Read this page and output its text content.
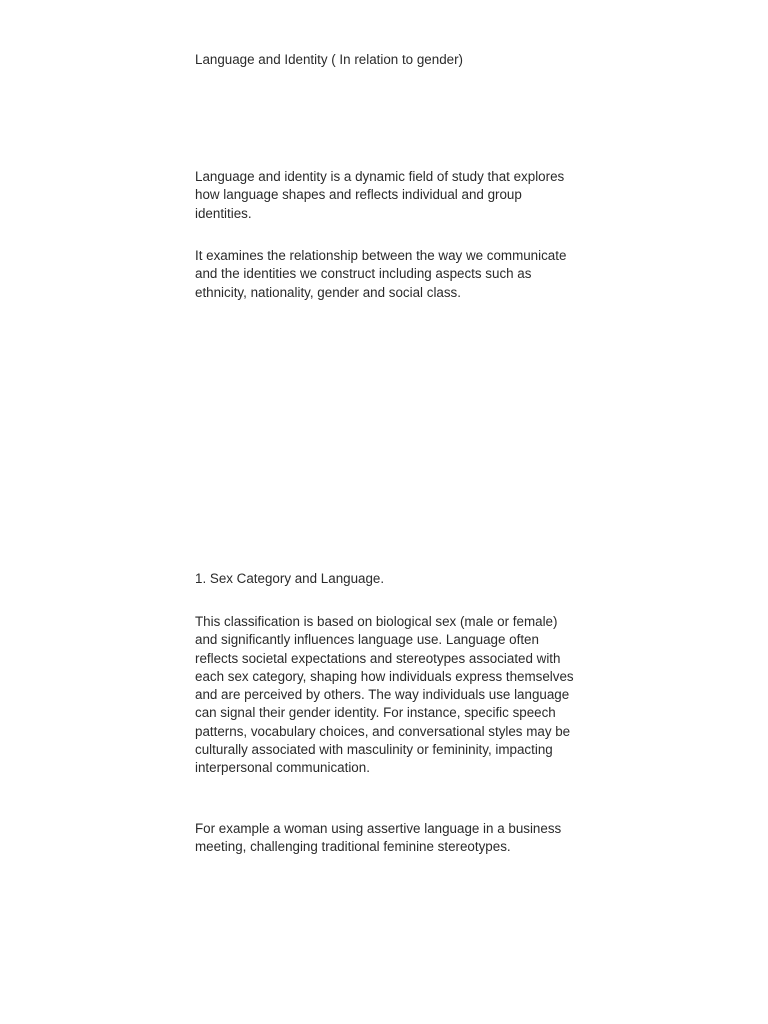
Language and Identity ( In relation to gender)

Language and identity is a dynamic field of study that explores how language shapes and reflects individual and group identities.

It examines the relationship between the way we communicate and the identities we construct including aspects such as ethnicity, nationality, gender and social class.

1. Sex Category and Language.

This classification is based on biological sex (male or female) and significantly influences language use. Language often reflects societal expectations and stereotypes associated with each sex category, shaping how individuals express themselves and are perceived by others. The way individuals use language can signal their gender identity. For instance, specific speech patterns, vocabulary choices, and conversational styles may be culturally associated with masculinity or femininity, impacting interpersonal communication.

For example a woman using assertive language in a business meeting, challenging traditional feminine stereotypes.
